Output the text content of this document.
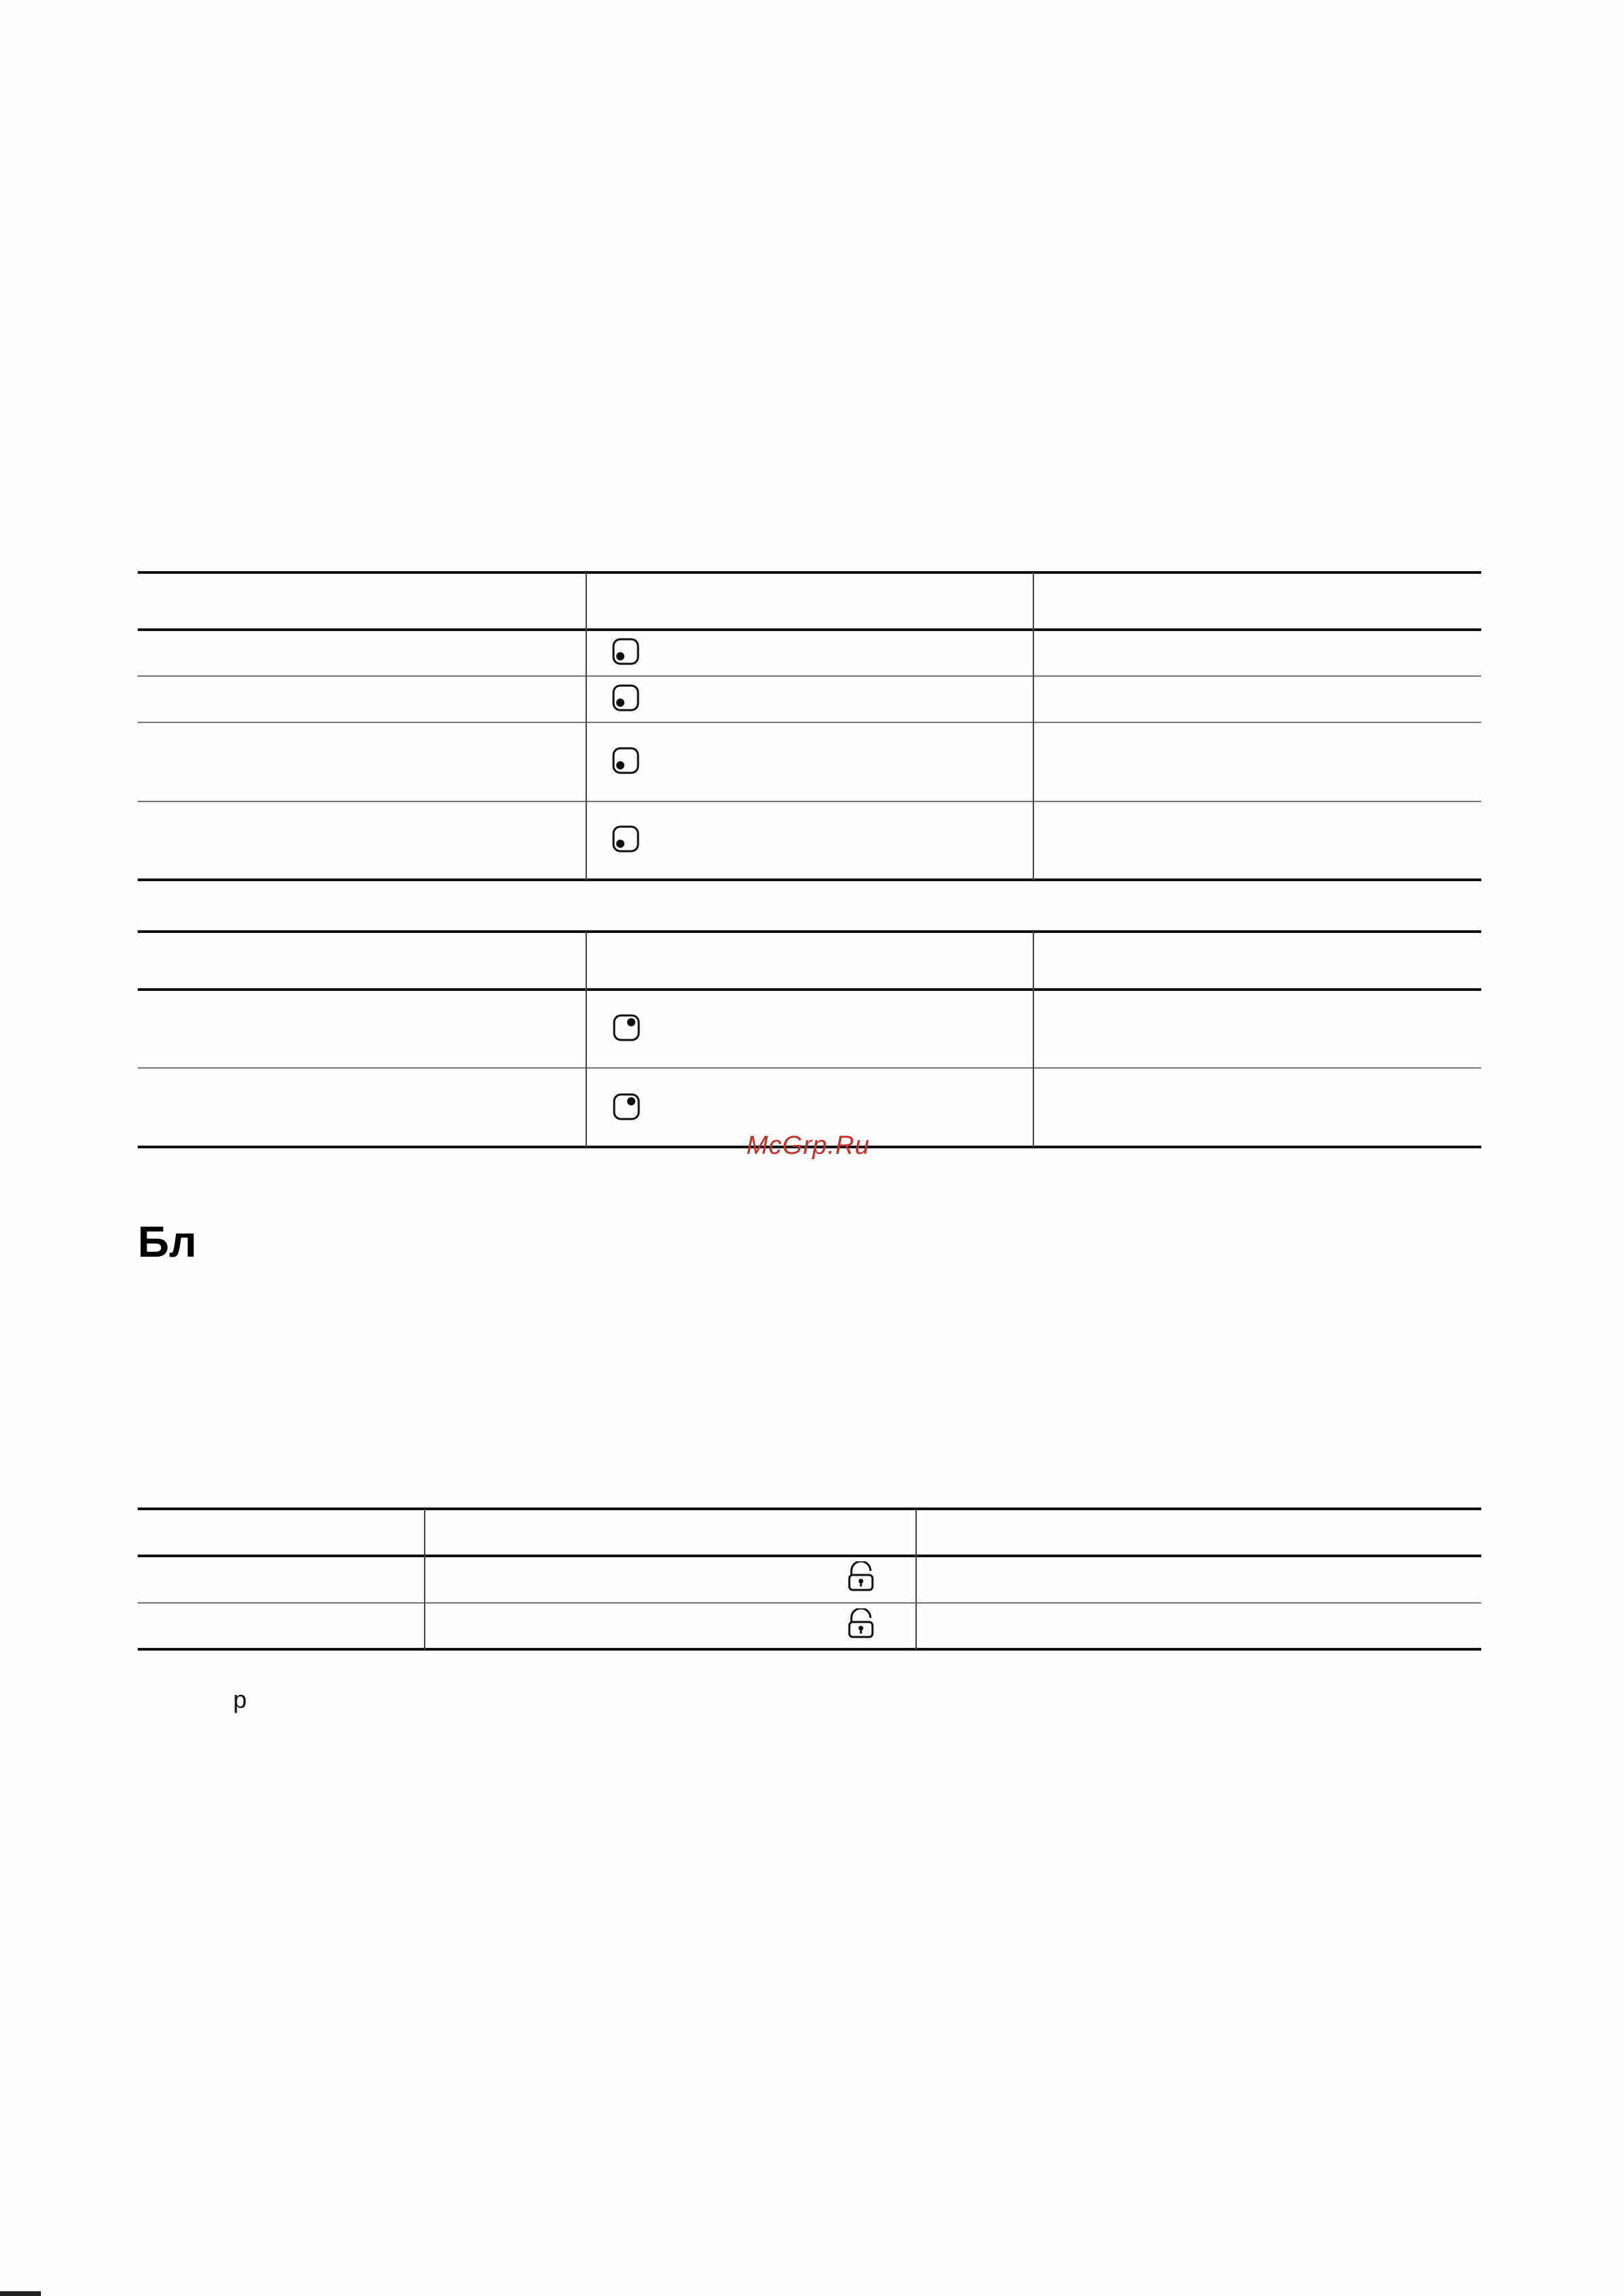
McGrp.Ru
Бл
р
